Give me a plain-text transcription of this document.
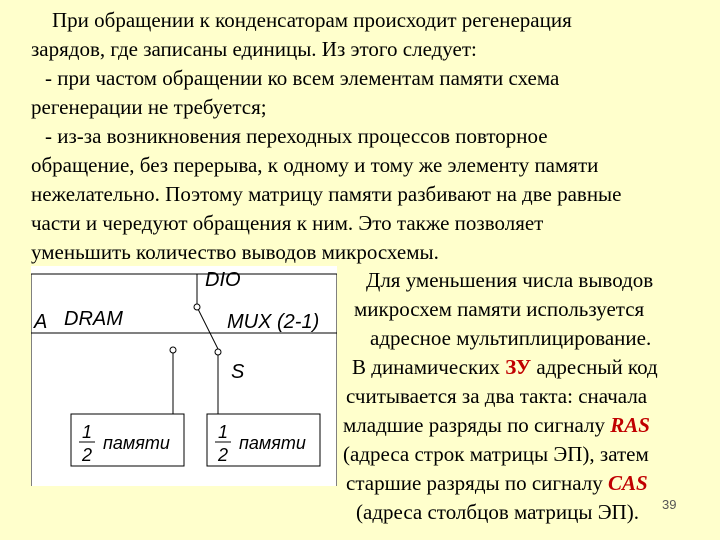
При обращении к конденсаторам происходит регенерация
зарядов, где записаны единицы. Из этого следует:
- при частом обращении ко всем элементам памяти схема
регенерации не требуется;
- из-за возникновения переходных процессов повторное
обращение, без перерыва, к одному и тому же элементу памяти
нежелательно. Поэтому матрицу памяти разбивают на две равные
части и чередуют обращения к ним. Это также позволяет
уменьшить количество выводов микросхемы.
Для уменьшения числа выводов
микросхем памяти используется
адресное мультиплицирование.
В динамических ЗУ адресный код
считывается за два такта: сначала
младшие разряды по сигналу RAS
(адреса строк матрицы ЭП), затем
старшие разряды по сигналу CAS
(адреса столбцов матрицы ЭП). 39
DIO
A DRAM	MUX (2-1)
S
1
2
памяти
1
2
памяти
